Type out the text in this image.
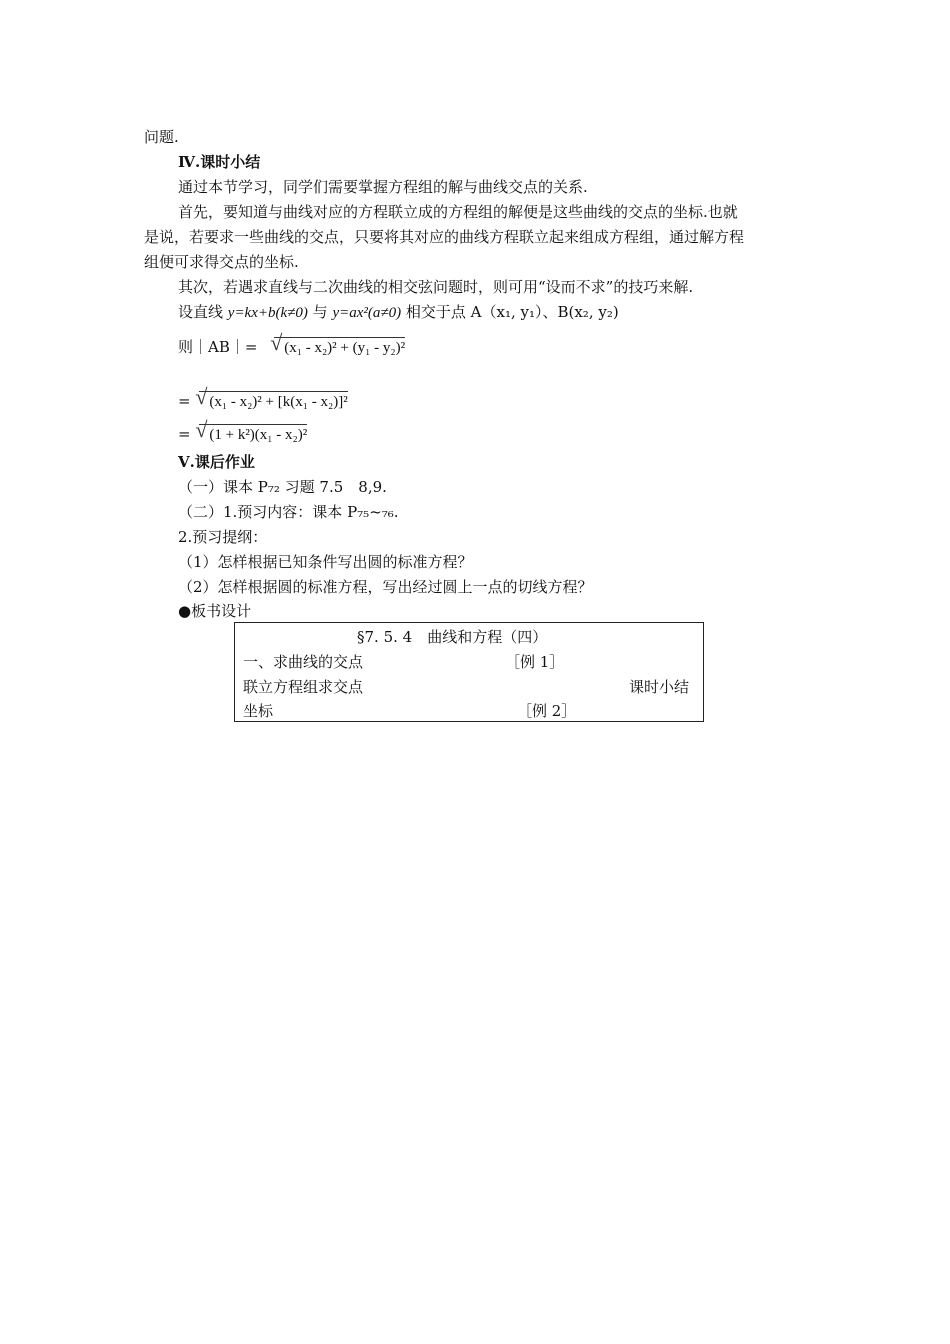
问题.
Ⅳ.课时小结
通过本节学习，同学们需要掌握方程组的解与曲线交点的关系.
首先，要知道与曲线对应的方程联立成的方程组的解便是这些曲线的交点的坐标.也就
是说，若要求一些曲线的交点，只要将其对应的曲线方程联立起来组成方程组，通过解方程
组便可求得交点的坐标.
其次，若遇求直线与二次曲线的相交弦问题时，则可用“设而不求”的技巧来解.
设直线 y=kx+b(k≠0) 与 y=ax²(a≠0) 相交于点 A（x₁, y₁）、B(x₂, y₂)
则｜AB｜= √ (x₁ - x₂)² + (y₁ - y₂)²
= √ (x₁ - x₂)² + [k(x₁ - x₂)]²
= √ (1 + k²)(x₁ - x₂)²
Ⅴ.课后作业
（一）课本 P₇₂ 习题 7.5　8,9.
（二）1.预习内容：课本 P₇₅~₇₆.
2.预习提纲：
（1）怎样根据已知条件写出圆的标准方程？
（2）怎样根据圆的标准方程，写出经过圆上一点的切线方程？
●板书设计
§7. 5. 4　曲线和方程（四）
一、求曲线的交点	［例 1］
联立方程组求交点	课时小结
坐标	［例 2］
